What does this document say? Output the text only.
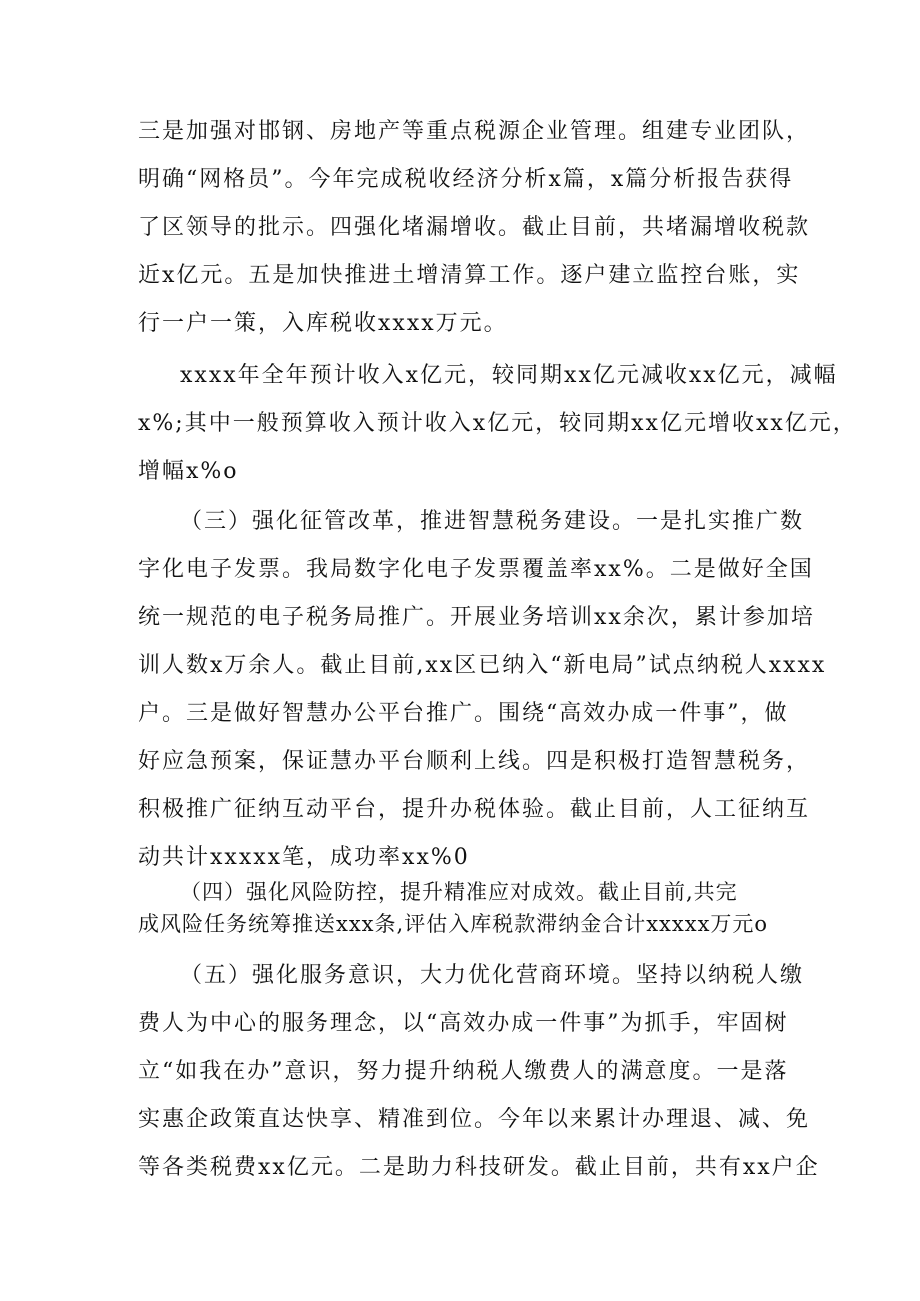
三是加强对邯钢、房地产等重点税源企业管理。组建专业团队，
明确“网格员”。今年完成税收经济分析x篇，x篇分析报告获得
了区领导的批示。四强化堵漏增收。截止目前，共堵漏增收税款
近x亿元。五是加快推进土增清算工作。逐户建立监控台账，实
行一户一策，入库税收xxxx万元。
xxxx年全年预计收入x亿元，较同期xx亿元减收xx亿元，减幅
x%;其中一般预算收入预计收入x亿元，较同期xx亿元增收xx亿元，
增幅x%o
（三）强化征管改革，推进智慧税务建设。一是扎实推广数
字化电子发票。我局数字化电子发票覆盖率xx%。二是做好全国
统一规范的电子税务局推广。开展业务培训xx余次，累计参加培
训人数x万余人。截止目前,xx区已纳入“新电局”试点纳税人xxxx
户。三是做好智慧办公平台推广。围绕“高效办成一件事”，做
好应急预案，保证慧办平台顺利上线。四是积极打造智慧税务，
积极推广征纳互动平台，提升办税体验。截止目前，人工征纳互
动共计xxxxx笔，成功率xx%0
（四）强化风险防控，提升精准应对成效。截止目前,共完
成风险任务统筹推送xxx条,评估入库税款滞纳金合计xxxxx万元o
（五）强化服务意识，大力优化营商环境。坚持以纳税人缴
费人为中心的服务理念，以“高效办成一件事”为抓手，牢固树
立“如我在办”意识，努力提升纳税人缴费人的满意度。一是落
实惠企政策直达快享、精准到位。今年以来累计办理退、减、免
等各类税费xx亿元。二是助力科技研发。截止目前，共有xx户企
